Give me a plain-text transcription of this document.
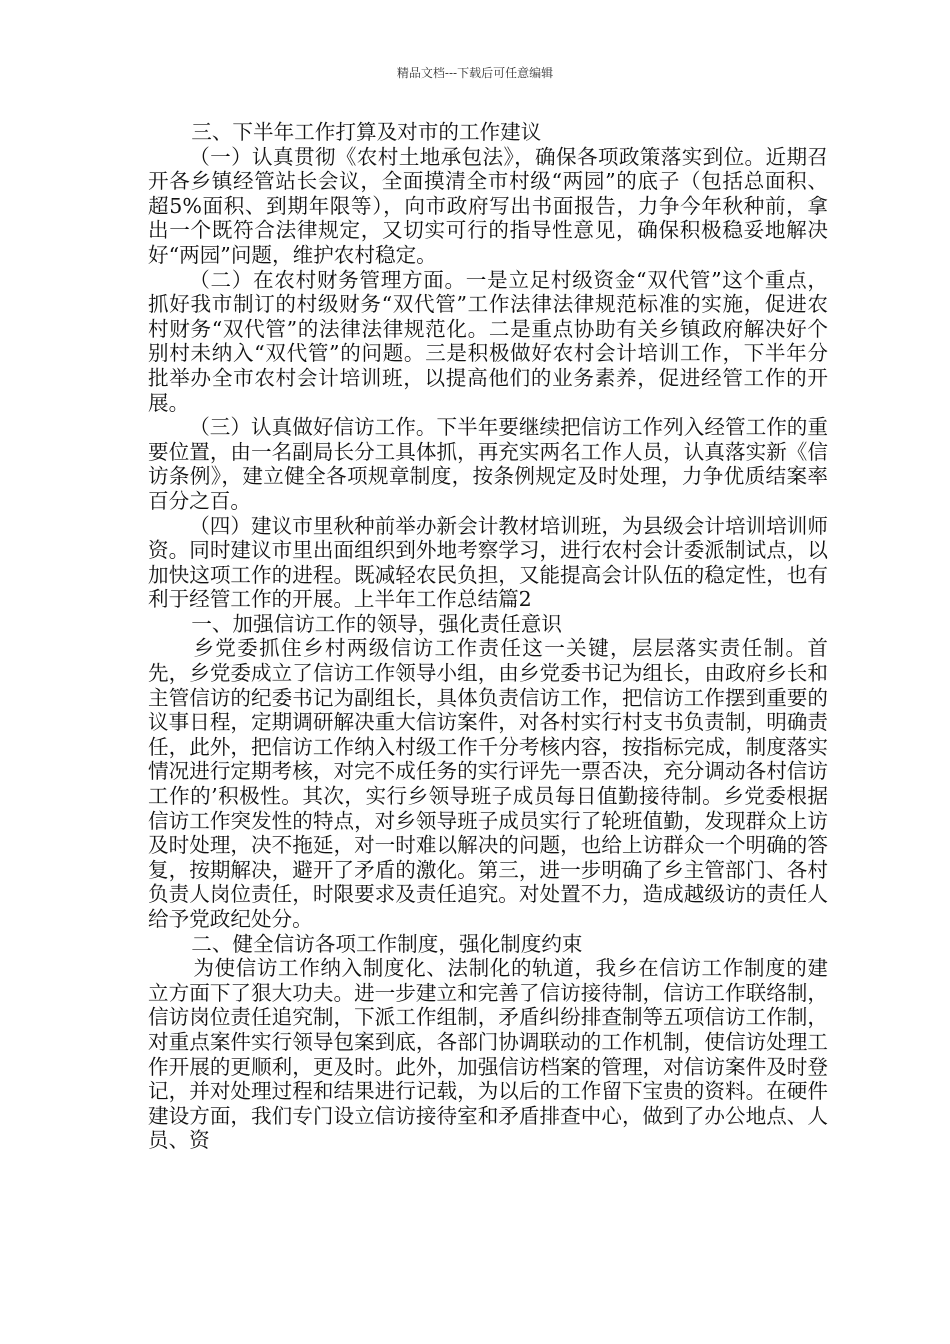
精品文档---下载后可任意编辑

三、下半年工作打算及对市的工作建议

（一）认真贯彻《农村土地承包法》，确保各项政策落实到位。近期召开各乡镇经管站长会议，全面摸清全市村级“两园”的底子（包括总面积、超5%面积、到期年限等），向市政府写出书面报告，力争今年秋种前，拿出一个既符合法律规定，又切实可行的指导性意见，确保积极稳妥地解决好“两园”问题，维护农村稳定。

（二）在农村财务管理方面。一是立足村级资金“双代管”这个重点，抓好我市制订的村级财务“双代管”工作法律法律规范标准的实施，促进农村财务“双代管”的法律法律规范化。二是重点协助有关乡镇政府解决好个别村未纳入“双代管”的问题。三是积极做好农村会计培训工作，下半年分批举办全市农村会计培训班，以提高他们的业务素养，促进经管工作的开展。

（三）认真做好信访工作。下半年要继续把信访工作列入经管工作的重要位置，由一名副局长分工具体抓，再充实两名工作人员，认真落实新《信访条例》，建立健全各项规章制度，按条例规定及时处理，力争优质结案率百分之百。

（四）建议市里秋种前举办新会计教材培训班，为县级会计培训培训师资。同时建议市里出面组织到外地考察学习，进行农村会计委派制试点，以加快这项工作的进程。既减轻农民负担，又能提高会计队伍的稳定性，也有利于经管工作的开展。上半年工作总结篇2

一、加强信访工作的领导，强化责任意识

乡党委抓住乡村两级信访工作责任这一关键，层层落实责任制。首先，乡党委成立了信访工作领导小组，由乡党委书记为组长，由政府乡长和主管信访的纪委书记为副组长，具体负责信访工作，把信访工作摆到重要的议事日程，定期调研解决重大信访案件，对各村实行村支书负责制，明确责任，此外，把信访工作纳入村级工作千分考核内容，按指标完成，制度落实情况进行定期考核，对完不成任务的实行评先一票否决，充分调动各村信访工作的’积极性。其次，实行乡领导班子成员每日值勤接待制。乡党委根据信访工作突发性的特点，对乡领导班子成员实行了轮班值勤，发现群众上访及时处理，决不拖延，对一时难以解决的问题，也给上访群众一个明确的答复，按期解决，避开了矛盾的激化。第三，进一步明确了乡主管部门、各村负责人岗位责任，时限要求及责任追究。对处置不力，造成越级访的责任人给予党政纪处分。

二、健全信访各项工作制度，强化制度约束

为使信访工作纳入制度化、法制化的轨道，我乡在信访工作制度的建立方面下了狠大功夫。进一步建立和完善了信访接待制，信访工作联络制，信访岗位责任追究制，下派工作组制，矛盾纠纷排查制等五项信访工作制，对重点案件实行领导包案到底，各部门协调联动的工作机制，使信访处理工作开展的更顺利，更及时。此外，加强信访档案的管理，对信访案件及时登记，并对处理过程和结果进行记载，为以后的工作留下宝贵的资料。在硬件建设方面，我们专门设立信访接待室和矛盾排查中心，做到了办公地点、人员、资
